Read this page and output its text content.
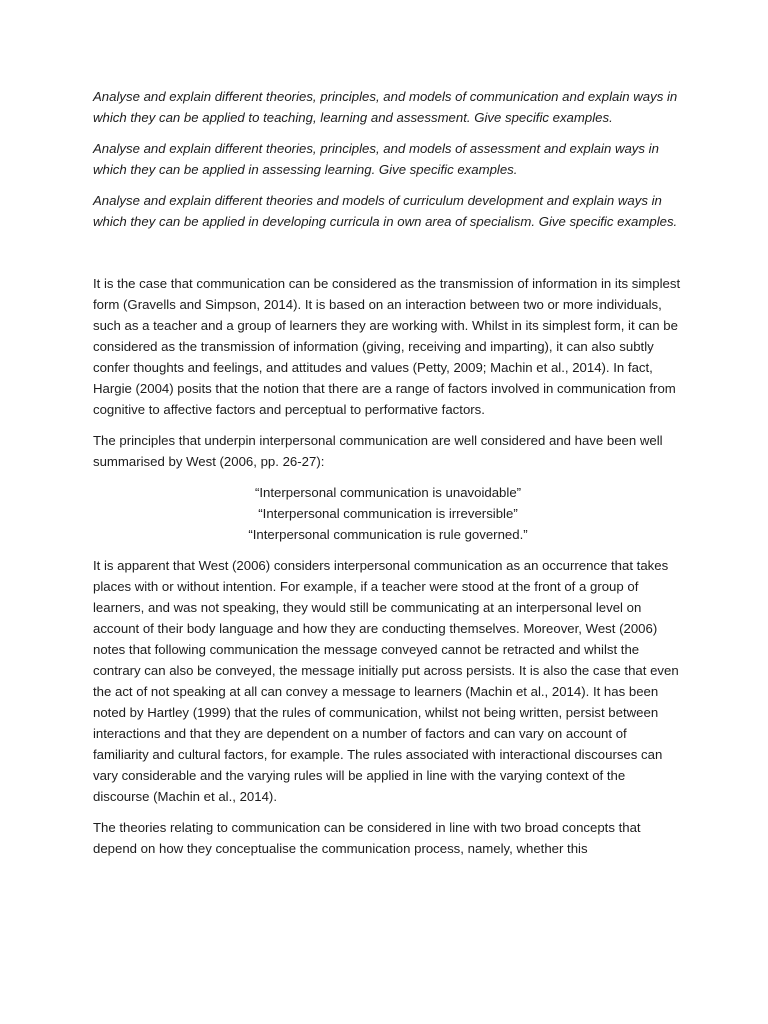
Analyse and explain different theories, principles, and models of communication and explain ways in which they can be applied to teaching, learning and assessment. Give specific examples.

Analyse and explain different theories, principles, and models of assessment and explain ways in which they can be applied in assessing learning. Give specific examples.

Analyse and explain different theories and models of curriculum development and explain ways in which they can be applied in developing curricula in own area of specialism. Give specific examples.

It is the case that communication can be considered as the transmission of information in its simplest form (Gravells and Simpson, 2014). It is based on an interaction between two or more individuals, such as a teacher and a group of learners they are working with. Whilst in its simplest form, it can be considered as the transmission of information (giving, receiving and imparting), it can also subtly confer thoughts and feelings, and attitudes and values (Petty, 2009; Machin et al., 2014). In fact, Hargie (2004) posits that the notion that there are a range of factors involved in communication from cognitive to affective factors and perceptual to performative factors.

The principles that underpin interpersonal communication are well considered and have been well summarised by West (2006, pp. 26-27):

“Interpersonal communication is unavoidable”
“Interpersonal communication is irreversible”
“Interpersonal communication is rule governed.”

It is apparent that West (2006) considers interpersonal communication as an occurrence that takes places with or without intention. For example, if a teacher were stood at the front of a group of learners, and was not speaking, they would still be communicating at an interpersonal level on account of their body language and how they are conducting themselves. Moreover, West (2006) notes that following communication the message conveyed cannot be retracted and whilst the contrary can also be conveyed, the message initially put across persists. It is also the case that even the act of not speaking at all can convey a message to learners (Machin et al., 2014). It has been noted by Hartley (1999) that the rules of communication, whilst not being written, persist between interactions and that they are dependent on a number of factors and can vary on account of familiarity and cultural factors, for example. The rules associated with interactional discourses can vary considerable and the varying rules will be applied in line with the varying context of the discourse (Machin et al., 2014).

The theories relating to communication can be considered in line with two broad concepts that depend on how they conceptualise the communication process, namely, whether this
